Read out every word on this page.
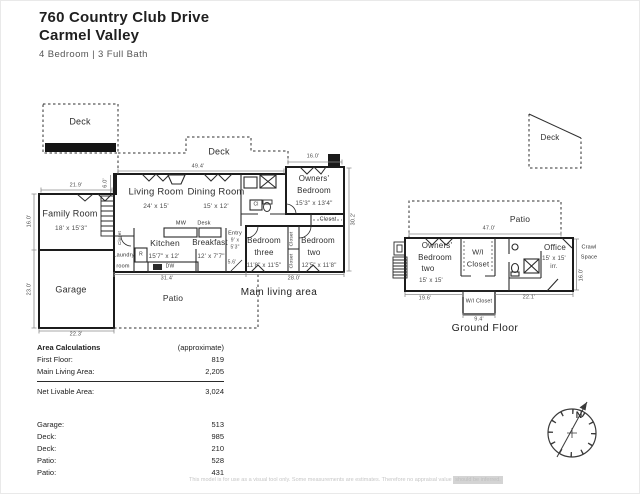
N
760 Country Club Drive
Carmel Valley
4 Bedroom | 3 Full Bath
Deck
Deck
Family Room
18' x 15'3"
Living Room
24' x 15'
Dining Room
15' x 12'
Owners'
Bedroom
15'3" x 13'4"
Kitchen
15'7" x 12'
Breakfast
12' x 7'7"
Bedroom
three
11'8" x 11'5"
Bedroom
two
12'5" x 11'8"
Garage
Patio
Laundry
room
Entry
9' x
5'3"
5.6'
MW Desk
DW
R
Cl
Closet
Closet
Closet
Closet
21.9'
16.0'
23.0'
6.0'
49.4'
16.0'
30.2'
31.4'	28.0'
22.3'
Main living area
Patio
47.0'
Owners'
Bedroom
two
15' x 15'
W/I
Closet
Office
15' x 15'
irr.
Crawl
Space
16.0'
22.1'
19.6'
W/I Closet
9.4'
Ground Floor
Deck
Area Calculations	(approximate)
First Floor:	819
Main Living Area:	2,205
Net Livable Area:	3,024
Garage:	513
Deck:	985
Deck:	210
Patio:	528
Patio:	431
This model is for use as a visual tool only. Some measurements are estimates. Therefore no appraisal value should be inferred.
